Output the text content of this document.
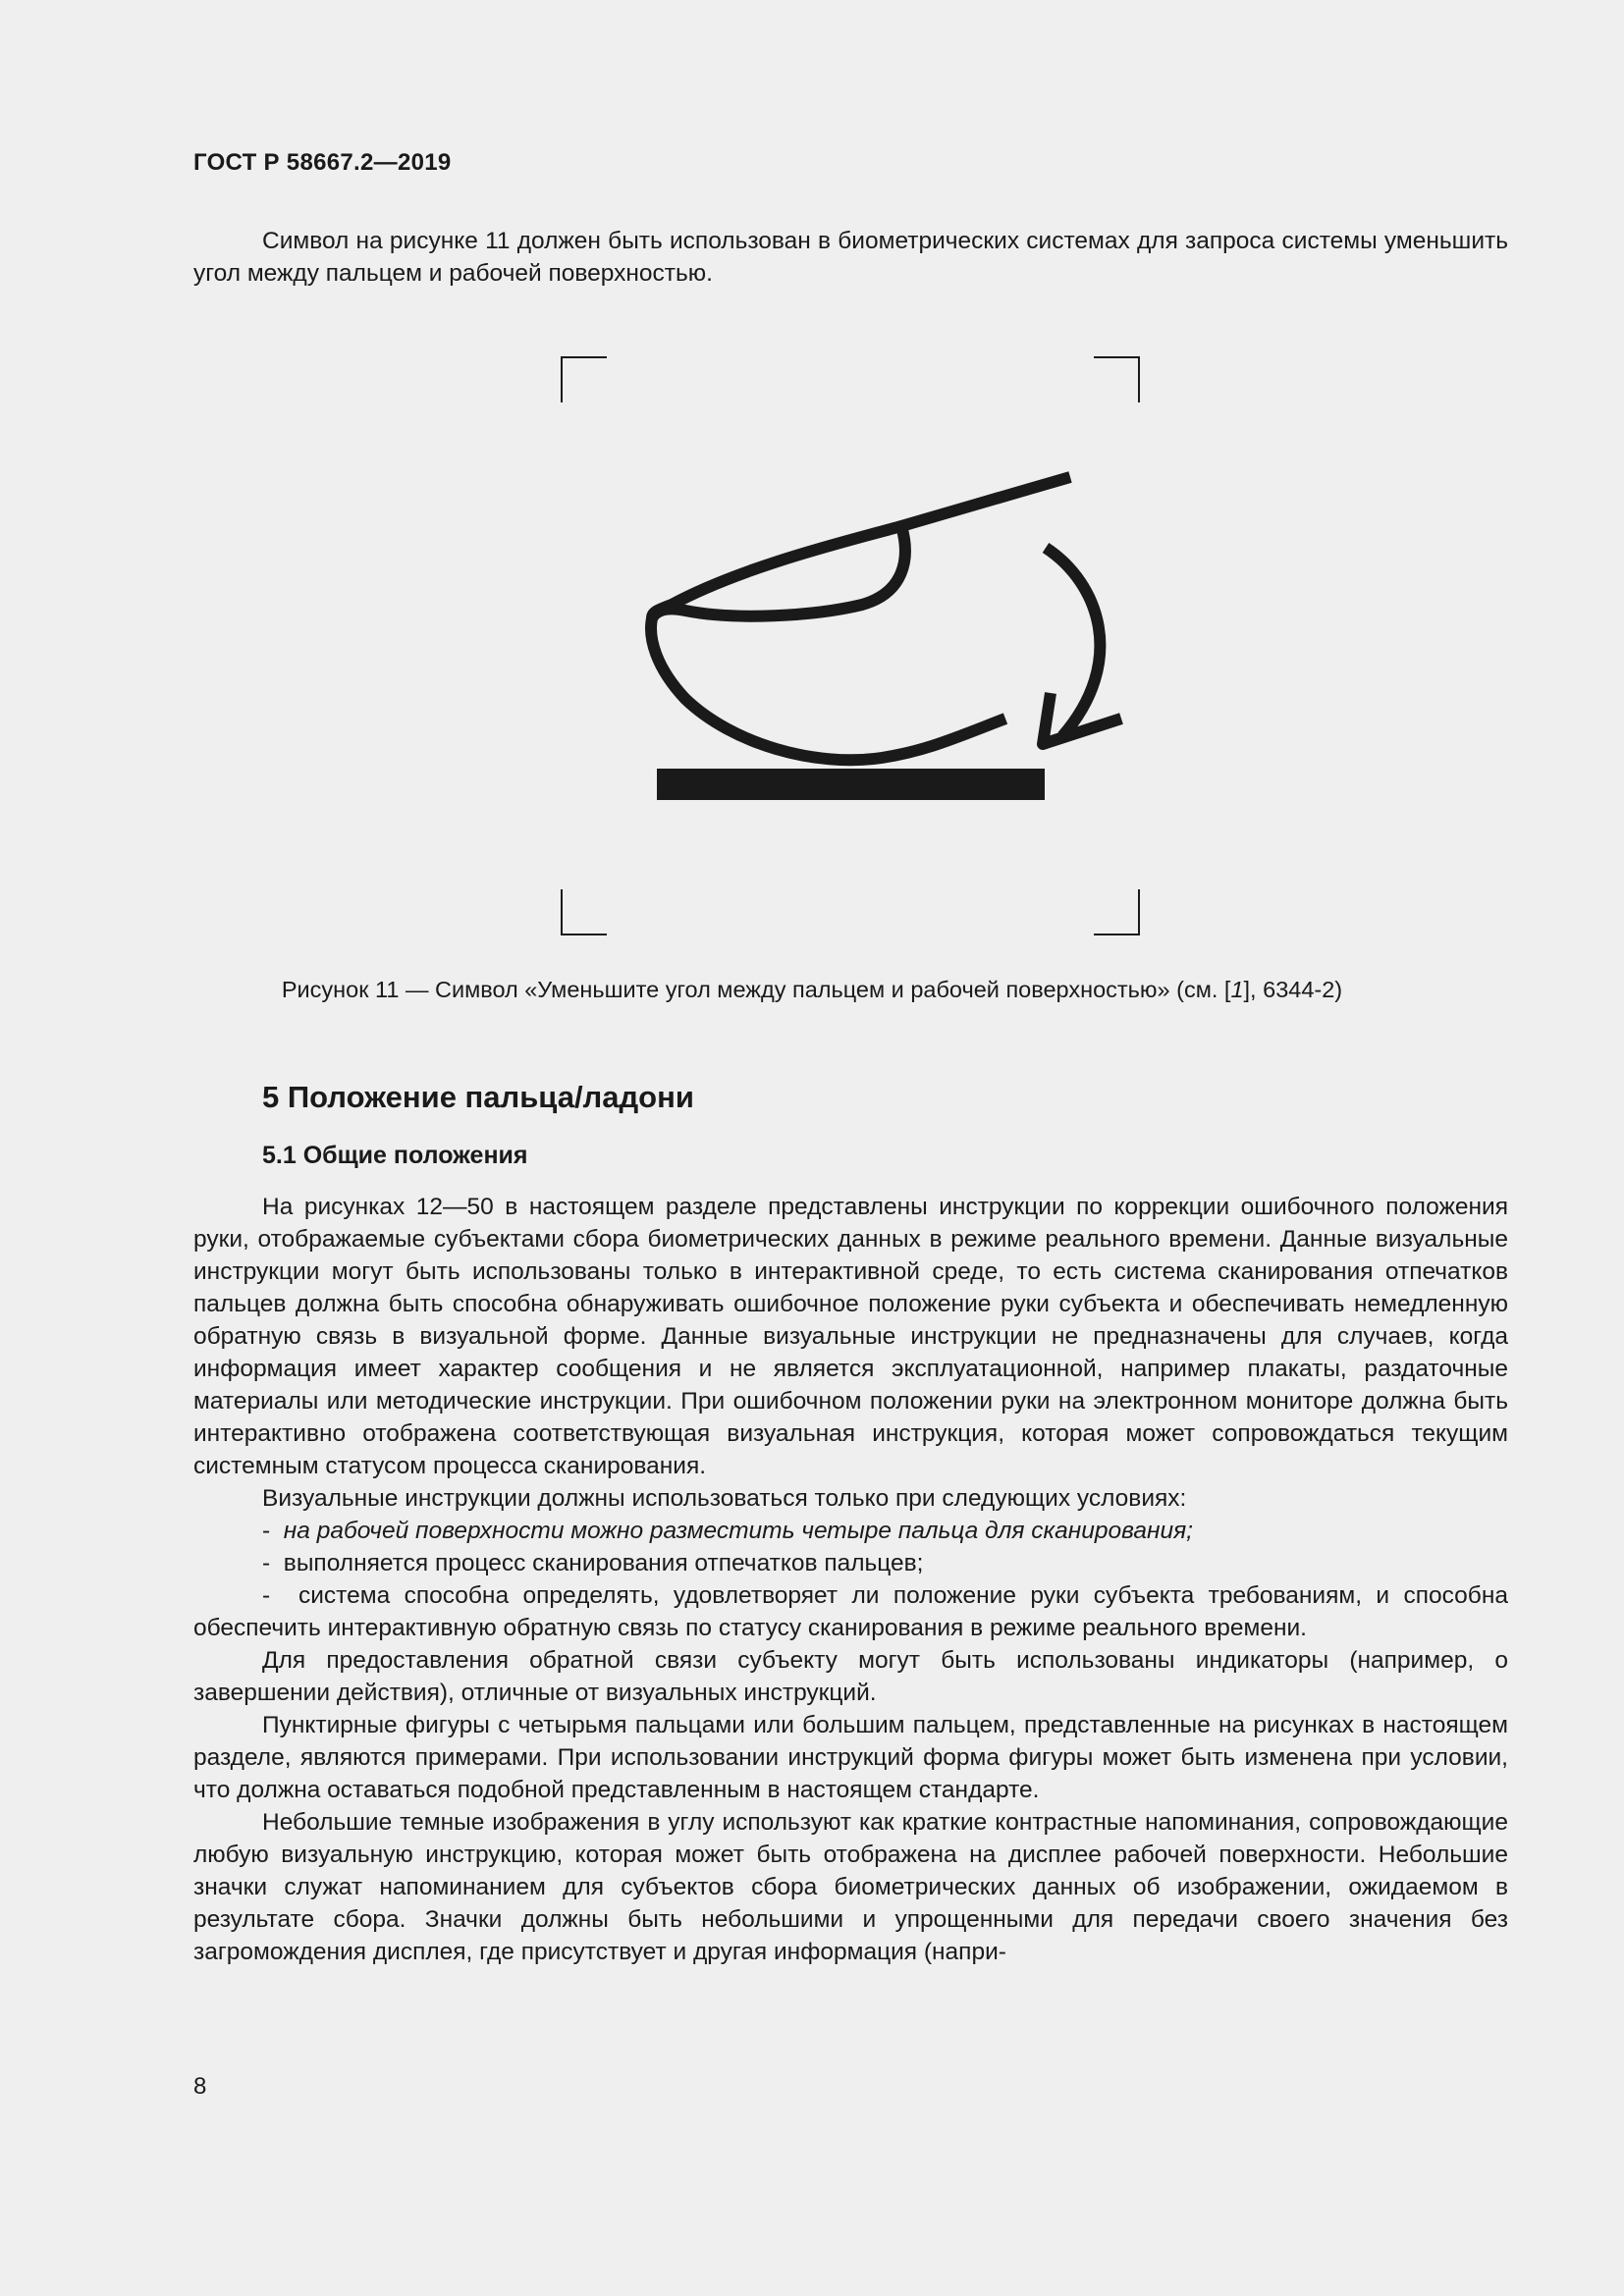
ГОСТ Р 58667.2—2019

Символ на рисунке 11 должен быть использован в биометрических системах для запроса системы уменьшить угол между пальцем и рабочей поверхностью.

Рисунок 11 — Символ «Уменьшите угол между пальцем и рабочей поверхностью» (см. [1], 6344-2)
5 Положение пальца/ладони
5.1 Общие положения

На рисунках 12—50 в настоящем разделе представлены инструкции по коррекции ошибочного положения руки, отображаемые субъектами сбора биометрических данных в режиме реального времени. Данные визуальные инструкции могут быть использованы только в интерактивной среде, то есть система сканирования отпечатков пальцев должна быть способна обнаруживать ошибочное положение руки субъекта и обеспечивать немедленную обратную связь в визуальной форме. Данные визуальные инструкции не предназначены для случаев, когда информация имеет характер сообщения и не является эксплуатационной, например плакаты, раздаточные материалы или методические инструкции. При ошибочном положении руки на электронном мониторе должна быть интерактивно отображена соответствующая визуальная инструкция, которая может сопровождаться текущим системным статусом процесса сканирования.

Визуальные инструкции должны использоваться только при следующих условиях:

- на рабочей поверхности можно разместить четыре пальца для сканирования;

- выполняется процесс сканирования отпечатков пальцев;

- система способна определять, удовлетворяет ли положение руки субъекта требованиям, и способна обеспечить интерактивную обратную связь по статусу сканирования в режиме реального времени.

Для предоставления обратной связи субъекту могут быть использованы индикаторы (например, о завершении действия), отличные от визуальных инструкций.

Пунктирные фигуры с четырьмя пальцами или большим пальцем, представленные на рисунках в настоящем разделе, являются примерами. При использовании инструкций форма фигуры может быть изменена при условии, что должна оставаться подобной представленным в настоящем стандарте.

Небольшие темные изображения в углу используют как краткие контрастные напоминания, сопровождающие любую визуальную инструкцию, которая может быть отображена на дисплее рабочей поверхности. Небольшие значки служат напоминанием для субъектов сбора биометрических данных об изображении, ожидаемом в результате сбора. Значки должны быть небольшими и упрощенными для передачи своего значения без загромождения дисплея, где присутствует и другая информация (напри-

8
